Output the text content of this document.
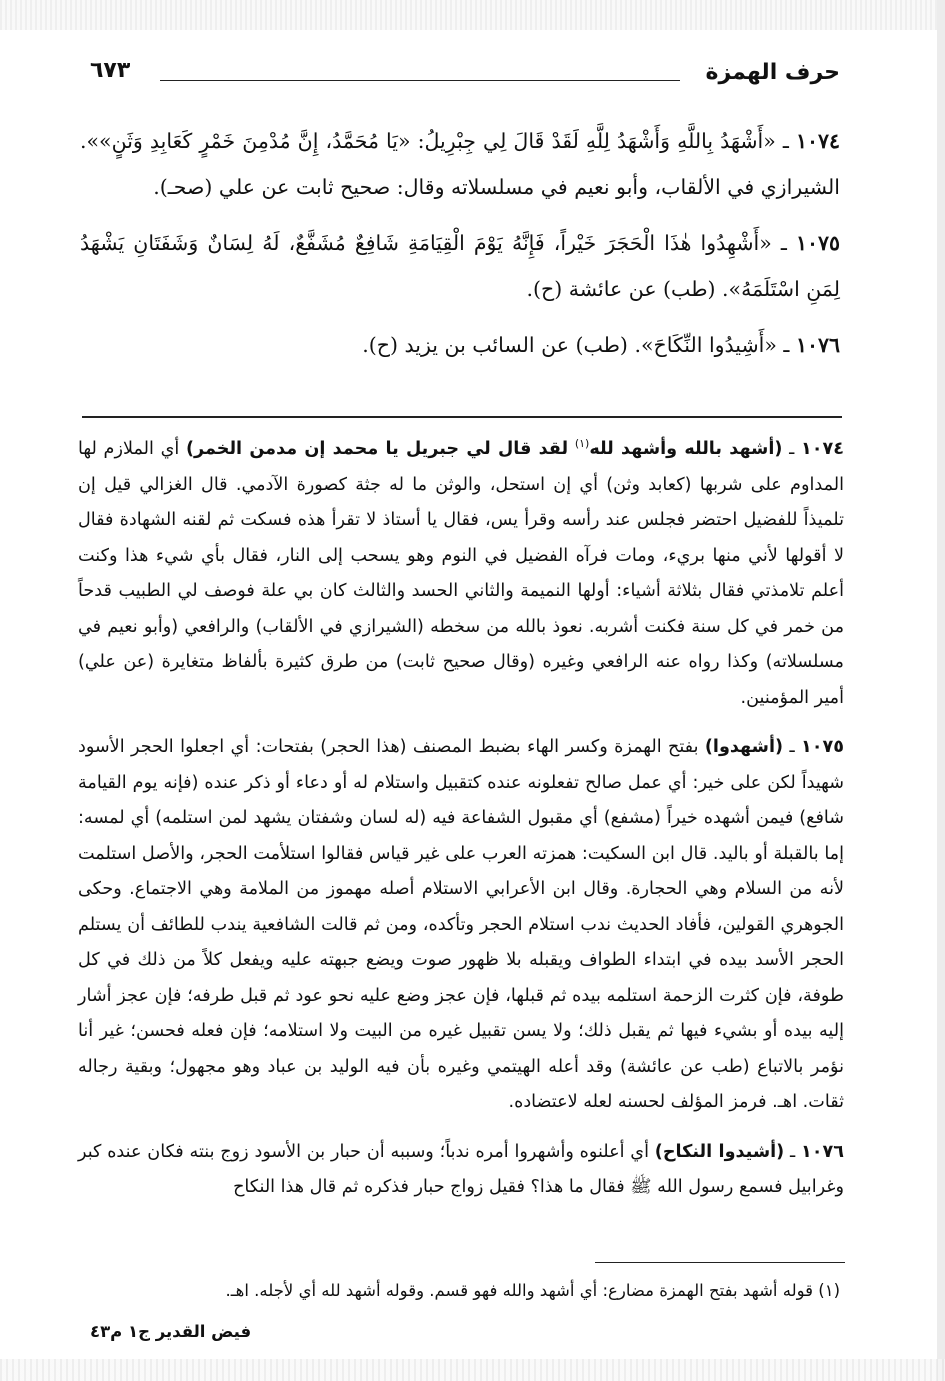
حرف الهمزة
٦٧٣

١٠٧٤ ـ «أَشْهَدُ بِاللَّهِ وَأَشْهَدُ لِلَّهِ لَقَدْ قَالَ لِي جِبْرِيلُ: «يَا مُحَمَّدُ، إِنَّ مُدْمِنَ خَمْرٍ كَعَابِدِ وَثَنٍ»». الشيرازي في الألقاب، وأبو نعيم في مسلسلاته وقال: صحيح ثابت عن علي (صحـ).

١٠٧٥ ـ «أَشْهِدُوا هٰذَا الْحَجَرَ خَيْراً، فَإِنَّهُ يَوْمَ الْقِيَامَةِ شَافِعٌ مُشَفَّعٌ، لَهُ لِسَانٌ وَشَفَتَانِ يَشْهَدُ لِمَنِ اسْتَلَمَهُ». (طب) عن عائشة (ح).

١٠٧٦ ـ «أَشِيدُوا النِّكَاحَ». (طب) عن السائب بن يزيد (ح).

١٠٧٤ ـ (أشهد بالله وأشهد لله$^{(١)}$ لقد قال لي جبريل يا محمد إن مدمن الخمر) أي الملازم لها المداوم على شربها (كعابد وثن) أي إن استحل، والوثن ما له جثة كصورة الآدمي. قال الغزالي قيل إن تلميذاً للفضيل احتضر فجلس عند رأسه وقرأ يس، فقال يا أستاذ لا تقرأ هذه فسكت ثم لقنه الشهادة فقال لا أقولها لأني منها بريء، ومات فرآه الفضيل في النوم وهو يسحب إلى النار، فقال بأي شيء هذا وكنت أعلم تلامذتي فقال بثلاثة أشياء: أولها النميمة والثاني الحسد والثالث كان بي علة فوصف لي الطبيب قدحاً من خمر في كل سنة فكنت أشربه. نعوذ بالله من سخطه (الشيرازي في الألقاب) والرافعي (وأبو نعيم في مسلسلاته) وكذا رواه عنه الرافعي وغيره (وقال صحيح ثابت) من طرق كثيرة بألفاظ متغايرة (عن علي) أمير المؤمنين.

١٠٧٥ ـ (أشهدوا) بفتح الهمزة وكسر الهاء بضبط المصنف (هذا الحجر) بفتحات: أي اجعلوا الحجر الأسود شهيداً لكن على خير: أي عمل صالح تفعلونه عنده كتقبيل واستلام له أو دعاء أو ذكر عنده (فإنه يوم القيامة شافع) فيمن أشهده خيراً (مشفع) أي مقبول الشفاعة فيه (له لسان وشفتان يشهد لمن استلمه) أي لمسه: إما بالقبلة أو باليد. قال ابن السكيت: همزته العرب على غير قياس فقالوا استلأمت الحجر، والأصل استلمت لأنه من السلام وهي الحجارة. وقال ابن الأعرابي الاستلام أصله مهموز من الملامة وهي الاجتماع. وحكى الجوهري القولين، فأفاد الحديث ندب استلام الحجر وتأكده، ومن ثم قالت الشافعية يندب للطائف أن يستلم الحجر الأسد بيده في ابتداء الطواف ويقبله بلا ظهور صوت ويضع جبهته عليه ويفعل كلاً من ذلك في كل طوفة، فإن كثرت الزحمة استلمه بيده ثم قبلها، فإن عجز وضع عليه نحو عود ثم قبل طرفه؛ فإن عجز أشار إليه بيده أو بشيء فيها ثم يقبل ذلك؛ ولا يسن تقبيل غيره من البيت ولا استلامه؛ فإن فعله فحسن؛ غير أنا نؤمر بالاتباع (طب عن عائشة) وقد أعله الهيتمي وغيره بأن فيه الوليد بن عباد وهو مجهول؛ وبقية رجاله ثقات. اهـ. فرمز المؤلف لحسنه لعله لاعتضاده.

١٠٧٦ ـ (أشيدوا النكاح) أي أعلنوه وأشهروا أمره ندباً؛ وسببه أن حبار بن الأسود زوج بنته فكان عنده كبر وغرابيل فسمع رسول الله ﷺ فقال ما هذا؟ فقيل زواج حبار فذكره ثم قال هذا النكاح

(١) قوله أشهد بفتح الهمزة مضارع: أي أشهد والله فهو قسم. وقوله أشهد لله أي لأجله. اهـ.
فيض القدير ج١ م٤٣
